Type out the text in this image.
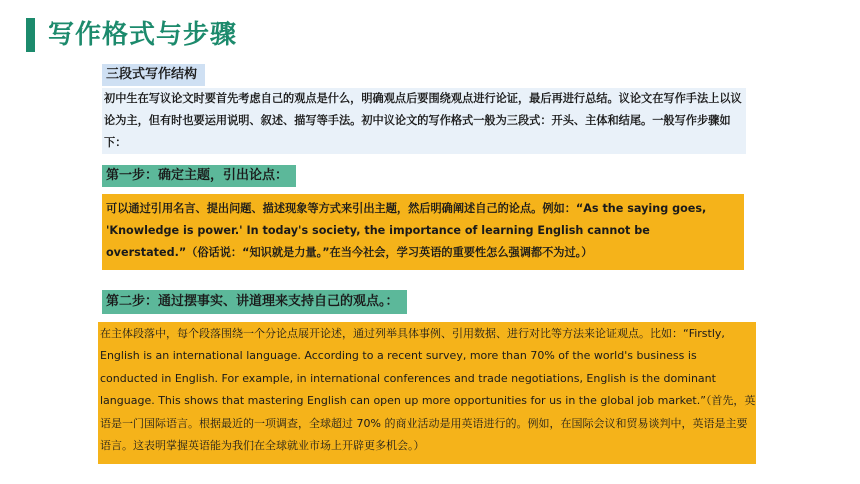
写作格式与步骤
三段式写作结构
初中生在写议论文时要首先考虑自己的观点是什么，明确观点后要围绕观点进行论证，最后再进行总结。议论文在写作手法上以议论为主，但有时也要运用说明、叙述、描写等手法。初中议论文的写作格式一般为三段式：开头、主体和结尾。一般写作步骤如下：
第一步：确定主题，引出论点：
可以通过引用名言、提出问题、描述现象等方式来引出主题，然后明确阐述自己的论点。例如：“As the saying goes, 'Knowledge is power.' In today's society, the importance of learning English cannot be overstated.”（俗话说：“知识就是力量。”在当今社会，学习英语的重要性怎么强调都不为过。）
第二步：通过摆事实、讲道理来支持自己的观点。：
在主体段落中，每个段落围绕一个分论点展开论述，通过列举具体事例、引用数据、进行对比等方法来论证观点。比如：“Firstly, English is an international language. According to a recent survey, more than 70% of the world's business is conducted in English. For example, in international conferences and trade negotiations, English is the dominant language. This shows that mastering English can open up more opportunities for us in the global job market.”（首先，英语是一门国际语言。根据最近的一项调查，全球超过 70% 的商业活动是用英语进行的。例如，在国际会议和贸易谈判中，英语是主要语言。这表明掌握英语能为我们在全球就业市场上开辟更多机会。）
